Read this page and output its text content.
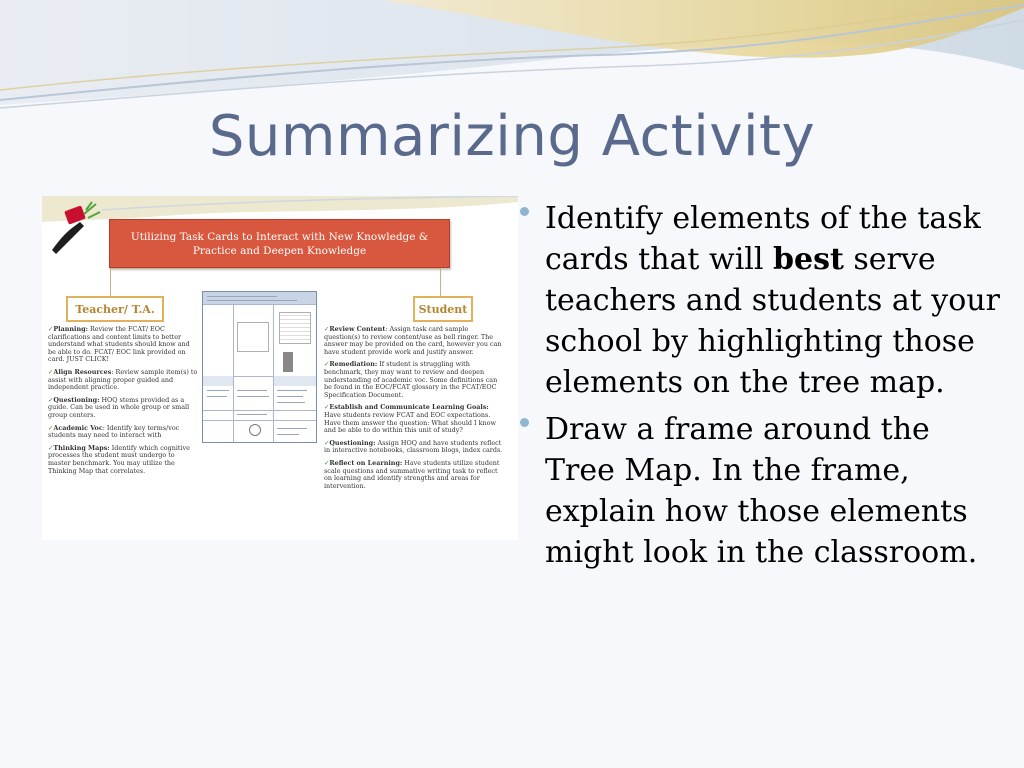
Summarizing Activity
Utilizing Task Cards to Interact with New Knowledge &
Practice and Deepen Knowledge
Teacher/ T.A.	Student

✓Planning: Review the FCAT/ EOC clarifications and content limits to better understand what students should know and be able to do. FCAT/ EOC link provided on card. JUST CLICK!

✓Align Resources: Review sample item(s) to assist with aligning proper guided and independent practice.

✓Questioning: HOQ stems provided as a guide. Can be used in whole group or small group centers.

✓Academic Voc: Identify key terms/voc students may need to interact with

✓Thinking Maps: Identify which cognitive processes the student must undergo to master benchmark. You may utilize the Thinking Map that correlates.

✓Review Content: Assign task card sample question(s) to review content/use as bell ringer. The answer may be provided on the card, however you can have student provide work and justify answer.

✓Remediation: If student is struggling with benchmark, they may want to review and deepen understanding of academic voc. Some definitions can be found in the EOC/FCAT glossary in the FCAT/EOC Specification Document.

✓Establish and Communicate Learning Goals: Have students review FCAT and EOC expectations. Have them answer the question: What should I know and be able to do within this unit of study?

✓Questioning: Assign HOQ and have students reflect in interactive notebooks, classroom blogs, index cards.

✓Reflect on Learning: Have students utilize student scale questions and summative writing task to reflect on learning and identify strengths and areas for intervention.

Identify elements of the task cards that will best serve teachers and students at your school by highlighting those elements on the tree map.
Draw a frame around the Tree Map. In the frame, explain how those elements might look in the classroom.
